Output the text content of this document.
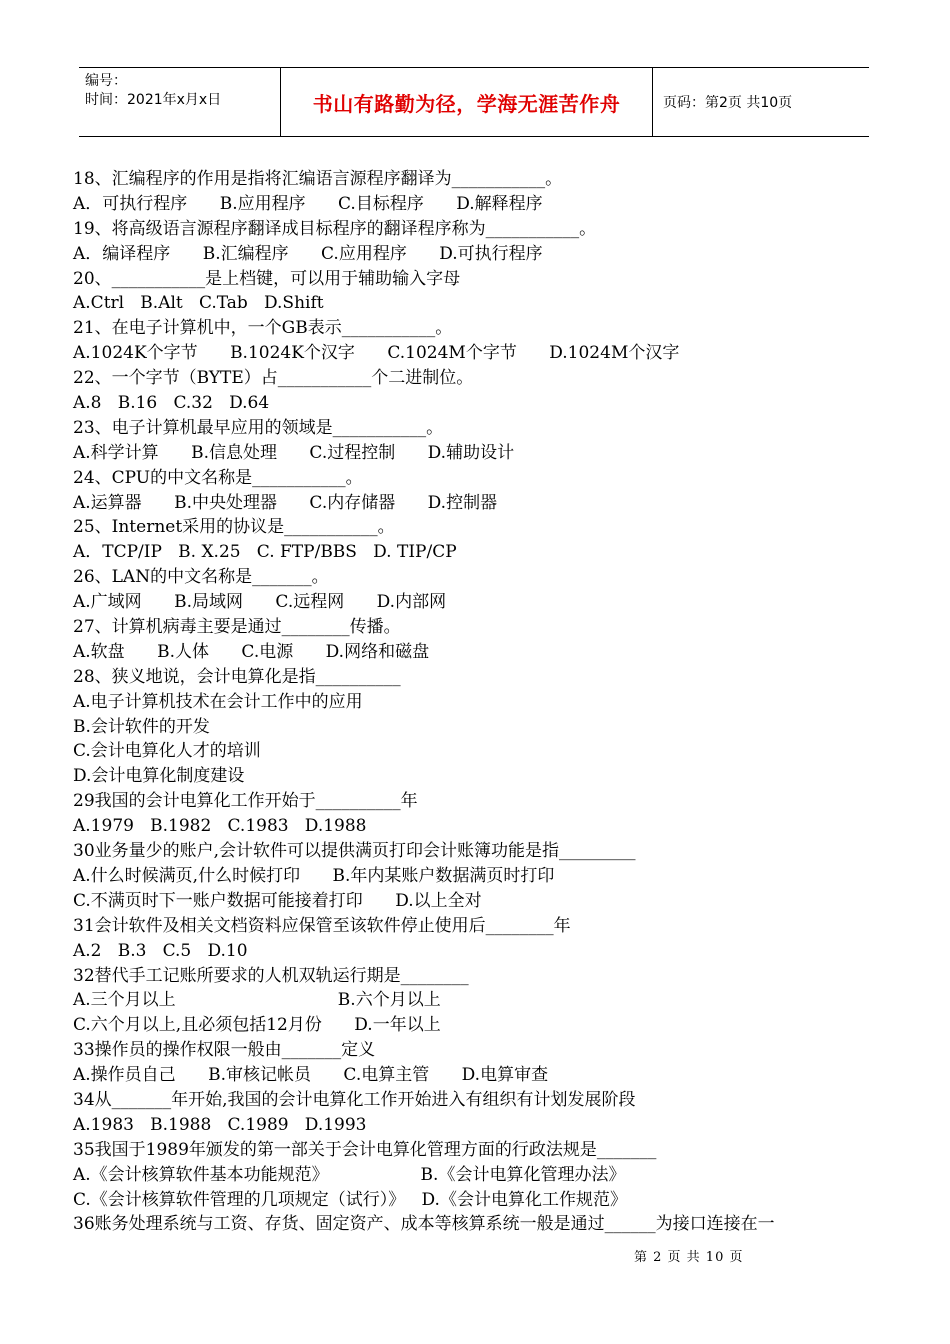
编号：
时间：2021年x月x日	书山有路勤为径，学海无涯苦作舟	页码：第2页 共10页
18、汇编程序的作用是指将汇编语言源程序翻译为___________。
A．可执行程序      B.应用程序      C.目标程序      D.解释程序
19、将高级语言源程序翻译成目标程序的翻译程序称为___________。
A．编译程序      B.汇编程序      C.应用程序      D.可执行程序
20、___________是上档键，可以用于辅助输入字母
A.Ctrl   B.Alt   C.Tab   D.Shift
21、在电子计算机中，一个GB表示___________。
A.1024K个字节      B.1024K个汉字      C.1024M个字节      D.1024M个汉字
22、一个字节（BYTE）占___________个二进制位。
A.8   B.16   C.32   D.64
23、电子计算机最早应用的领域是___________。
A.科学计算      B.信息处理      C.过程控制      D.辅助设计
24、CPU的中文名称是___________。
A.运算器      B.中央处理器      C.内存储器      D.控制器
25、Internet采用的协议是___________。
A．TCP/IP   B. X.25   C. FTP/BBS   D. TIP/CP
26、LAN的中文名称是_______。
A.广域网      B.局域网      C.远程网      D.内部网
27、计算机病毒主要是通过________传播。
A.软盘      B.人体      C.电源      D.网络和磁盘
28、狭义地说，会计电算化是指__________
A.电子计算机技术在会计工作中的应用
B.会计软件的开发
C.会计电算化人才的培训
D.会计电算化制度建设
29我国的会计电算化工作开始于__________年
A.1979   B.1982   C.1983   D.1988
30业务量少的账户,会计软件可以提供满页打印会计账簿功能是指_________
A.什么时候满页,什么时候打印      B.年内某账户数据满页时打印
C.不满页时下一账户数据可能接着打印      D.以上全对
31会计软件及相关文档资料应保管至该软件停止使用后________年
A.2   B.3   C.5   D.10
32替代手工记账所要求的人机双轨运行期是________
A.三个月以上                              B.六个月以上
C.六个月以上,且必须包括12月份      D.一年以上
33操作员的操作权限一般由_______定义
A.操作员自己      B.审核记帐员      C.电算主管      D.电算审查
34从_______年开始,我国的会计电算化工作开始进入有组织有计划发展阶段
A.1983   B.1988   C.1989   D.1993
35我国于1989年颁发的第一部关于会计电算化管理方面的行政法规是_______
A.《会计核算软件基本功能规范》                 B.《会计电算化管理办法》
C.《会计核算软件管理的几项规定（试行）》   D.《会计电算化工作规范》
36账务处理系统与工资、存货、固定资产、成本等核算系统一般是通过______为接口连接在一
第 2 页 共 10 页
